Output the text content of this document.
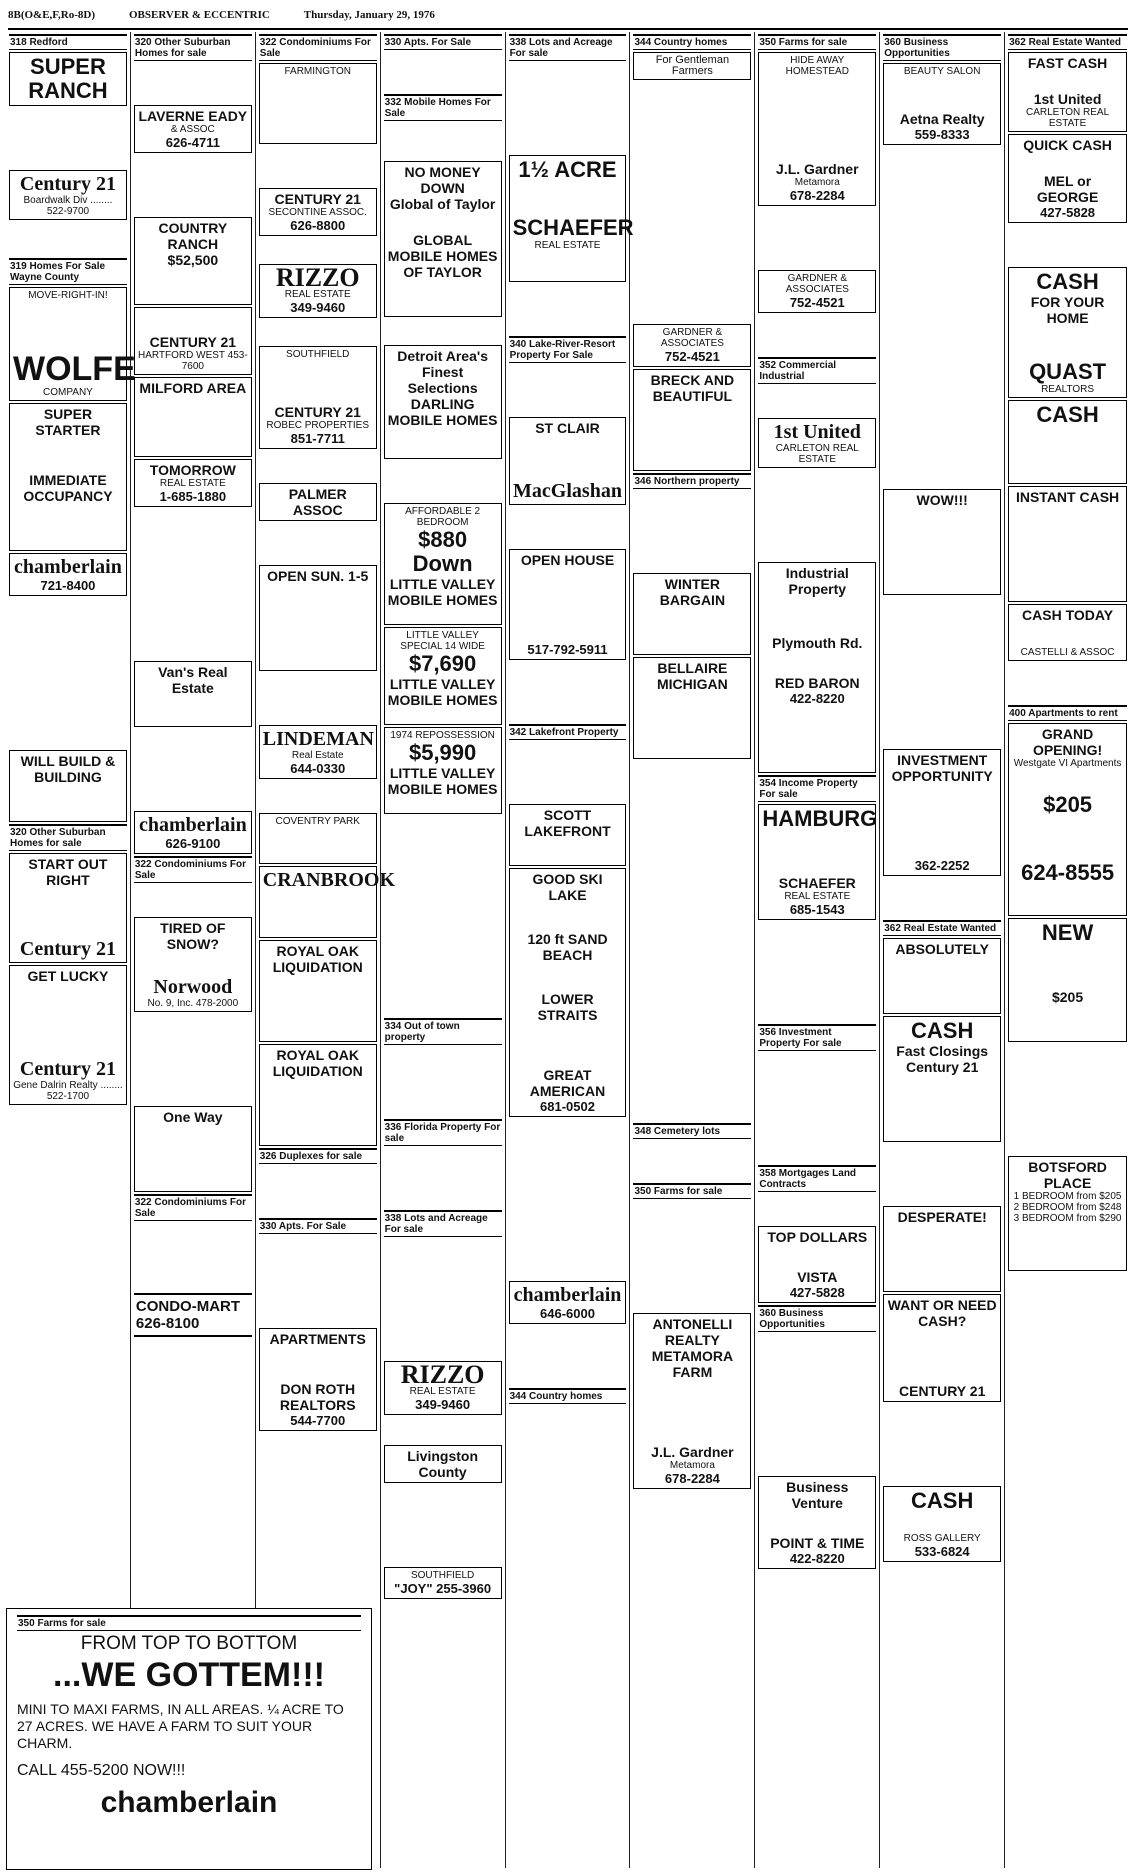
8B(O&E,F,Ro-8D)	OBSERVER & ECCENTRIC	Thursday, January 29, 1976
318 Redford
SUPER
RANCH
Century 21
Boardwalk Div ........ 522-9700
319 Homes For Sale Wayne County
MOVE-RIGHT-IN!
WOLFE
COMPANY
SUPER STARTER
IMMEDIATE OCCUPANCY
chamberlain
721-8400
WILL BUILD & BUILDING
320 Other Suburban Homes for sale
START OUT RIGHT
Century 21
GET LUCKY
Century 21
Gene Dalrin Realty ........ 522-1700
320 Other Suburban Homes for sale
LAVERNE EADY
& ASSOC
626-4711
COUNTRY RANCH
$52,500
CENTURY 21
HARTFORD WEST 453-7600
MILFORD AREA
TOMORROW
REAL ESTATE
1-685-1880
Van's Real Estate
chamberlain
626-9100
322 Condominiums For Sale
TIRED OF SNOW?
Norwood
Nо. 9, Inc. 478-2000
One Way
322 Condominiums For Sale
CONDO-MART 626-8100
322 Condominiums For Sale
FARMINGTON
CENTURY 21
SECONTINE ASSOC.
626-8800
RIZZO
REAL ESTATE
349-9460
SOUTHFIELD
CENTURY 21
ROBEC PROPERTIES
851-7711
PALMER ASSOC
OPEN SUN. 1-5
LINDEMAN
Real Estate
644-0330
COVENTRY PARK
CRANBROOK
ROYAL OAK LIQUIDATION
ROYAL OAK LIQUIDATION
326 Duplexes for sale
330 Apts. For Sale
APARTMENTS
DON ROTH REALTORS
544-7700
330 Apts. For Sale
332 Mobile Homes For Sale
NO MONEY DOWN
Global of Taylor
GLOBAL MOBILE HOMES OF TAYLOR
Detroit Area's Finest Selections DARLING MOBILE HOMES
AFFORDABLE 2 BEDROOM
$880 Down
LITTLE VALLEY MOBILE HOMES
LITTLE VALLEY SPECIAL 14 WIDE
$7,690
LITTLE VALLEY MOBILE HOMES
1974 REPOSSESSION
$5,990
LITTLE VALLEY MOBILE HOMES
334 Out of town property
336 Florida Property For sale
338 Lots and Acreage For sale
RIZZO
REAL ESTATE
349-9460
Livingston County
SOUTHFIELD
"JOY" 255-3960
338 Lots and Acreage For sale
1½ ACRE
SCHAEFER
REAL ESTATE
340 Lake-River-Resort Property For Sale
ST CLAIR
MacGlashan
OPEN HOUSE
517-792-5911
342 Lakefront Property
SCOTT LAKEFRONT
GOOD SKI LAKE
120 ft SAND BEACH
LOWER STRAITS
GREAT AMERICAN
681-0502
chamberlain
646-6000
344 Country homes
344 Country homes
For Gentleman Farmers
GARDNER & ASSOCIATES
752-4521
BRECK AND BEAUTIFUL
346 Northern property
WINTER BARGAIN
BELLAIRE MICHIGAN
348 Cemetery lots
350 Farms for sale
ANTONELLI REALTY
METAMORA FARM
J.L. Gardner
Metamora
678-2284
350 Farms for sale
HIDE AWAY HOMESTEAD
J.L. Gardner
Metamora
678-2284
GARDNER & ASSOCIATES
752-4521
352 Commercial Industrial
1st United
CARLETON REAL ESTATE
Industrial Property
Plymouth Rd.
RED BARON
422-8220
354 Income Property For sale
HAMBURG
SCHAEFER
REAL ESTATE
685-1543
356 Investment Property For sale
358 Mortgages Land Contracts
TOP DOLLARS
VISTA
427-5828
360 Business Opportunities
Business Venture
POINT & TIME
422-8220
360 Business Opportunities
BEAUTY SALON
Aetna Realty
559-8333
WOW!!!
INVESTMENT OPPORTUNITY
362-2252
362 Real Estate Wanted
ABSOLUTELY
CASH
Fast Closings
Century 21
DESPERATE!
WANT OR NEED CASH?
CENTURY 21
CASH
ROSS GALLERY
533-6824
362 Real Estate Wanted
FAST CASH
1st United
CARLETON REAL ESTATE
QUICK CASH
MEL or GEORGE
427-5828
CASH
FOR YOUR HOME
QUAST
REALTORS
CASH
INSTANT CASH
CASH TODAY
CASTELLI & ASSOC
400 Apartments to rent
GRAND OPENING!
Westgate VI Apartments
$205
624-8555
NEW
$205
BOTSFORD PLACE
1 BEDROOM from $205
2 BEDROOM from $248
3 BEDROOM from $290
350 Farms for sale
FROM TOP TO BOTTOM
...WE GOTTEM!!!
MINI TO MAXI FARMS, IN ALL AREAS. ¼ ACRE TO 27 ACRES. WE HAVE A FARM TO SUIT YOUR CHARM.
CALL 455-5200 NOW!!!
chamberlain
